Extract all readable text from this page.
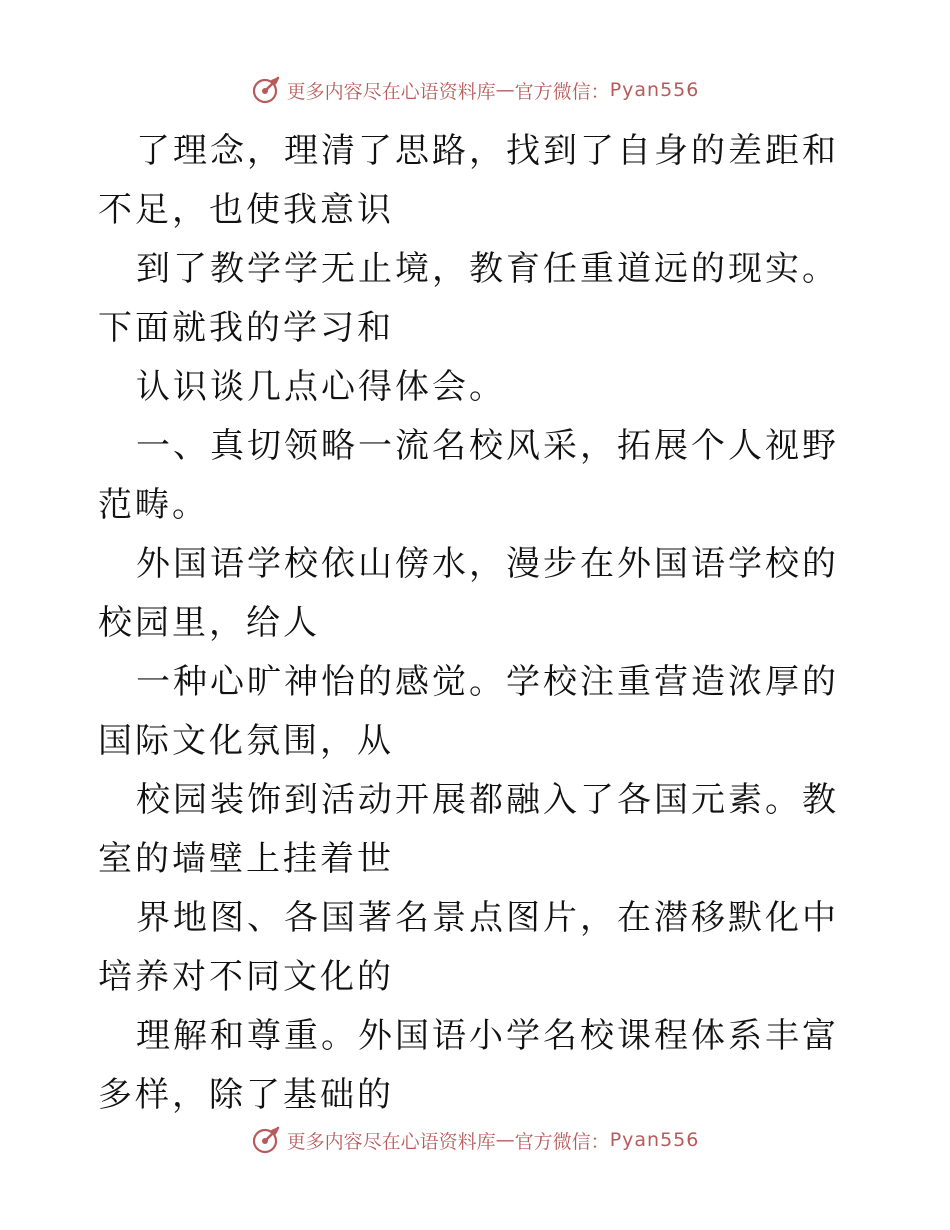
更多内容尽在心语资料库 — 官方微信： Pyan556

了理念，理清了思路，找到了自身的差距和不足，也使我意识

到了教学学无止境，教育任重道远的现实。下面就我的学习和

认识谈几点心得体会。

一、真切领略一流名校风采，拓展个人视野范畴。

外国语学校依山傍水，漫步在外国语学校的校园里，给人

一种心旷神怡的感觉。学校注重营造浓厚的国际文化氛围，从

校园装饰到活动开展都融入了各国元素。教室的墙壁上挂着世

界地图、各国著名景点图片，在潜移默化中培养对不同文化的

理解和尊重。外国语小学名校课程体系丰富多样，除了基础的

更多内容尽在心语资料库 — 官方微信： Pyan556
